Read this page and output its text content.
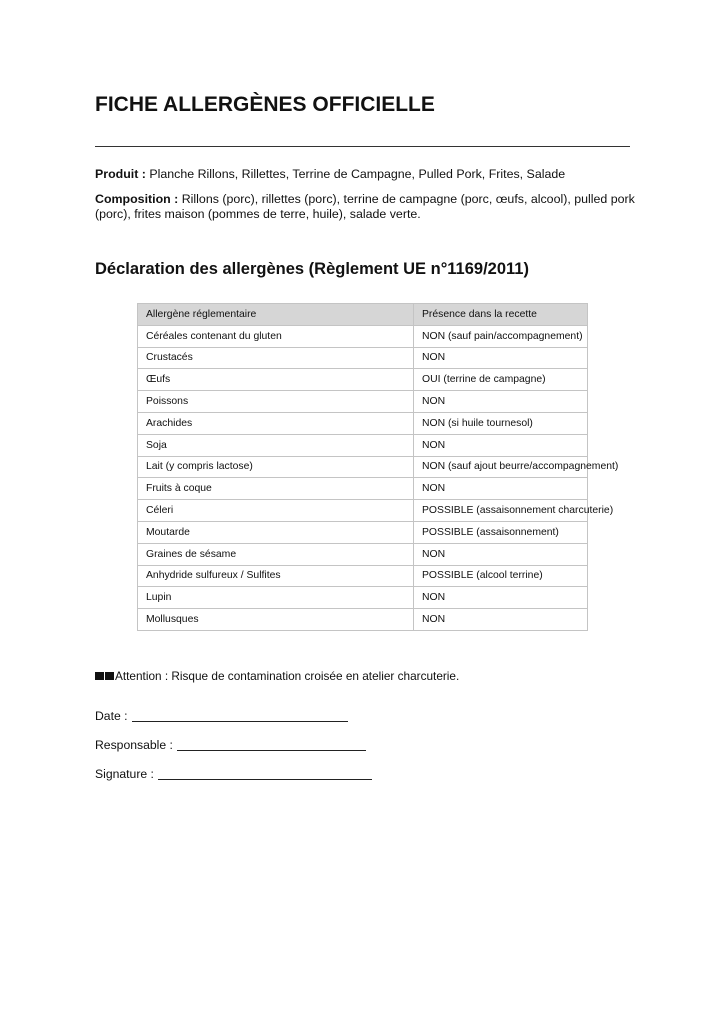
FICHE ALLERGÈNES OFFICIELLE

Produit : Planche Rillons, Rillettes, Terrine de Campagne, Pulled Pork, Frites, Salade

Composition : Rillons (porc), rillettes (porc), terrine de campagne (porc, œufs, alcool), pulled pork (porc), frites maison (pommes de terre, huile), salade verte.

Déclaration des allergènes (Règlement UE n°1169/2011)
Allergène réglementaire	Présence dans la recette
Céréales contenant du gluten	NON (sauf pain/accompagnement)
Crustacés	NON
Œufs	OUI (terrine de campagne)
Poissons	NON
Arachides	NON (si huile tournesol)
Soja	NON
Lait (y compris lactose)	NON (sauf ajout beurre/accompagnement)
Fruits à coque	NON
Céleri	POSSIBLE (assaisonnement charcuterie)
Moutarde	POSSIBLE (assaisonnement)
Graines de sésame	NON
Anhydride sulfureux / Sulfites	POSSIBLE (alcool terrine)
Lupin	NON
Mollusques	NON
Attention : Risque de contamination croisée en atelier charcuterie.
Date :
Responsable :
Signature :
